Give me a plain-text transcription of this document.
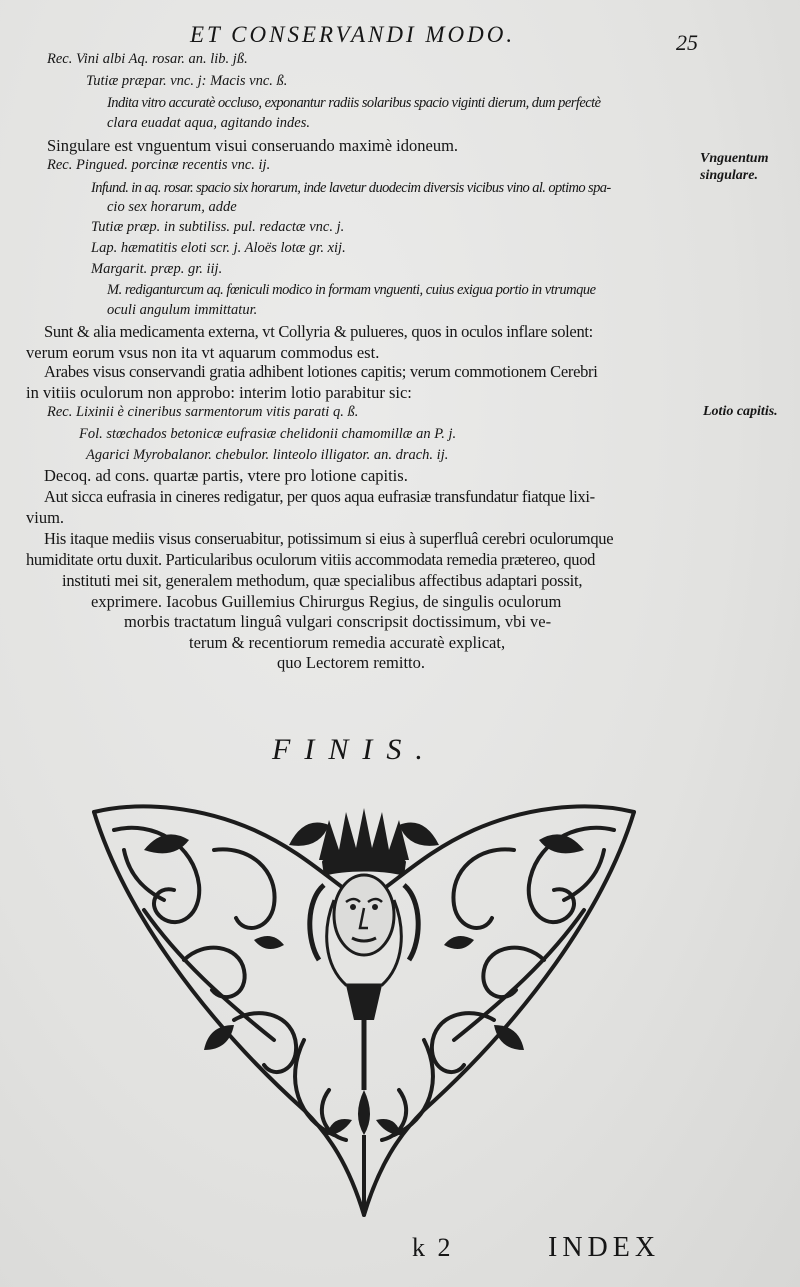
ET CONSERVANDI MODO.	25
Vnguentum
singulare.
Lotio capitis.
Rec. Vini albi Aq. rosar. an. lib. jß.
Tutiæ præpar. vnc. j: Macis vnc. ß.
Indita vitro accuratè occluso, exponantur radiis solaribus spacio viginti dierum, dum perfectè
clara euadat aqua, agitando indes.
Singulare est vnguentum visui conseruando maximè idoneum.
Rec. Pingued. porcinæ recentis vnc. ij.
Infund. in aq. rosar. spacio six horarum, inde lavetur duodecim diversis vicibus vino al. optimo spa-
cio sex horarum, adde
Tutiæ præp. in subtiliss. pul. redactæ vnc. j.
Lap. hæmatitis eloti scr. j. Aloës lotæ gr. xij.
Margarit. præp. gr. iij.
M. rediganturcum aq. fœniculi modico in formam vnguenti, cuius exigua portio in vtrumque
oculi angulum immittatur.
Sunt & alia medicamenta externa, vt Collyria & pulueres, quos in oculos inflare solent:
verum eorum vsus non ita vt aquarum commodus est.
Arabes visus conservandi gratia adhibent lotiones capitis; verum commotionem Cerebri
in vitiis oculorum non approbo: interim lotio parabitur sic:
Rec. Lixinii è cineribus sarmentorum vitis parati q. ß.
Fol. stœchados betonicæ eufrasiæ chelidonii chamomillæ an P. j.
Agarici Myrobalanor. chebulor. linteolo illigator. an. drach. ij.
Decoq. ad cons. quartæ partis, vtere pro lotione capitis.
Aut sicca eufrasia in cineres redigatur, per quos aqua eufrasiæ transfundatur fiatque lixi-
vium.
His itaque mediis visus conseruabitur, potissimum si eius à superfluâ cerebri oculorumque
humiditate ortu duxit. Particularibus oculorum vitiis accommodata remedia prætereo, quod
instituti mei sit, generalem methodum, quæ specialibus affectibus adaptari possit,
exprimere. Iacobus Guillemius Chirurgus Regius, de singulis oculorum
morbis tractatum linguâ vulgari conscripsit doctissimum, vbi ve-
terum & recentiorum remedia accuratè explicat,
quo Lectorem remitto.
FINIS.
k 2	INDEX
